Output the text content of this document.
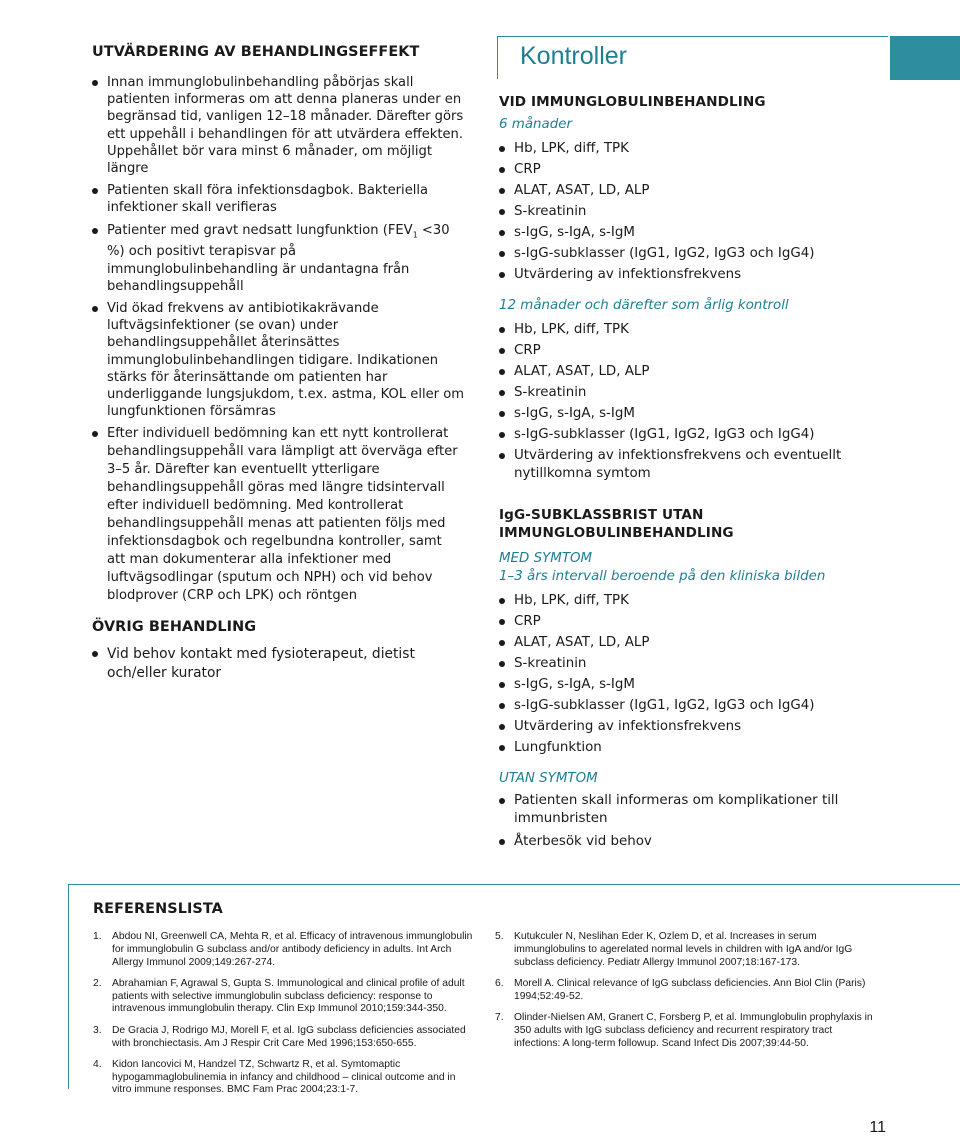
UTVÄRDERING AV BEHANDLINGSEFFEKT
Innan immunglobulinbehandling påbörjas skall patienten informeras om att denna planeras under en begränsad tid, vanligen 12–18 månader. Därefter görs ett uppehåll i behandlingen för att utvärdera effekten. Uppehållet bör vara minst 6 månader, om möjligt längre
Patienten skall föra infektionsdagbok. Bakteriella infektioner skall verifieras
Patienter med gravt nedsatt lungfunktion ($FEV_1 <30$ %) och positivt terapisvar på immunglobulinbehandling är undantagna från behandlingsuppehåll
Vid ökad frekvens av antibiotikakrävande luftvägsinfektioner (se ovan) under behandlingsuppehållet återinsättes immunglobulinbehandlingen tidigare. Indikationen stärks för återinsättande om patienten har underliggande lungsjukdom, t.ex. astma, KOL eller om lungfunktionen försämras
Efter individuell bedömning kan ett nytt kontrollerat behandlingsuppehåll vara lämpligt att överväga efter 3–5 år. Därefter kan eventuellt ytterligare behandlingsuppehåll göras med längre tidsintervall efter individuell bedömning. Med kontrollerat behandlingsuppehåll menas att patienten följs med infektionsdagbok och regelbundna kontroller, samt att man dokumenterar alla infektioner med luftvägsodlingar (sputum och NPH) och vid behov blodprover (CRP och LPK) och röntgen
ÖVRIG BEHANDLING
Vid behov kontakt med fysioterapeut, dietist och/eller kurator
Kontroller
VID IMMUNGLOBULINBEHANDLING

6 månader

Hb, LPK, diff, TPK
CRP
ALAT, ASAT, LD, ALP
S-kreatinin
s-IgG, s-IgA, s-IgM
s-IgG-subklasser (IgG1, IgG2, IgG3 och IgG4)
Utvärdering av infektionsfrekvens

12 månader och därefter som årlig kontroll

Hb, LPK, diff, TPK
CRP
ALAT, ASAT, LD, ALP
S-kreatinin
s-IgG, s-IgA, s-IgM
s-IgG-subklasser (IgG1, IgG2, IgG3 och IgG4)
Utvärdering av infektionsfrekvens och eventuellt nytillkomna symtom
IgG-SUBKLASSBRIST UTAN
IMMUNGLOBULINBEHANDLING

MED SYMTOM

1–3 års intervall beroende på den kliniska bilden

Hb, LPK, diff, TPK
CRP
ALAT, ASAT, LD, ALP
S-kreatinin
s-IgG, s-IgA, s-IgM
s-IgG-subklasser (IgG1, IgG2, IgG3 och IgG4)
Utvärdering av infektionsfrekvens
Lungfunktion

UTAN SYMTOM

Patienten skall informeras om komplikationer till immunbristen
Återbesök vid behov
REFERENSLISTA
1. Abdou NI, Greenwell CA, Mehta R, et al. Efficacy of intravenous immunglobulin for immunglobulin G subclass and/or antibody deficiency in adults. Int Arch Allergy Immunol 2009;149:267-274.
2. Abrahamian F, Agrawal S, Gupta S. Immunological and clinical profile of adult patients with selective immunglobulin subclass deficiency: response to intravenous immunglobulin therapy. Clin Exp Immunol 2010;159:344-350.
3. De Gracia J, Rodrigo MJ, Morell F, et al. IgG subclass deficiencies associated with bronchiectasis. Am J Respir Crit Care Med 1996;153:650-655.
4. Kidon Iancovici M, Handzel TZ, Schwartz R, et al. Symtomaptic hypogammaglobulinemia in infancy and childhood – clinical outcome and in vitro immune responses. BMC Fam Prac 2004;23:1-7.
5. Kutukculer N, Neslihan Eder K, Ozlem D, et al. Increases in serum immunglobulins to agerelated normal levels in children with IgA and/or IgG subclass deficiency. Pediatr Allergy Immunol 2007;18:167-173.
6. Morell A. Clinical relevance of IgG subclass deficiencies. Ann Biol Clin (Paris) 1994;52:49-52.
7. Olinder-Nielsen AM, Granert C, Forsberg P, et al. Immunglobulin prophylaxis in 350 adults with IgG subclass deficiency and recurrent respiratory tract infections: A long-term followup. Scand Infect Dis 2007;39:44-50.
11
